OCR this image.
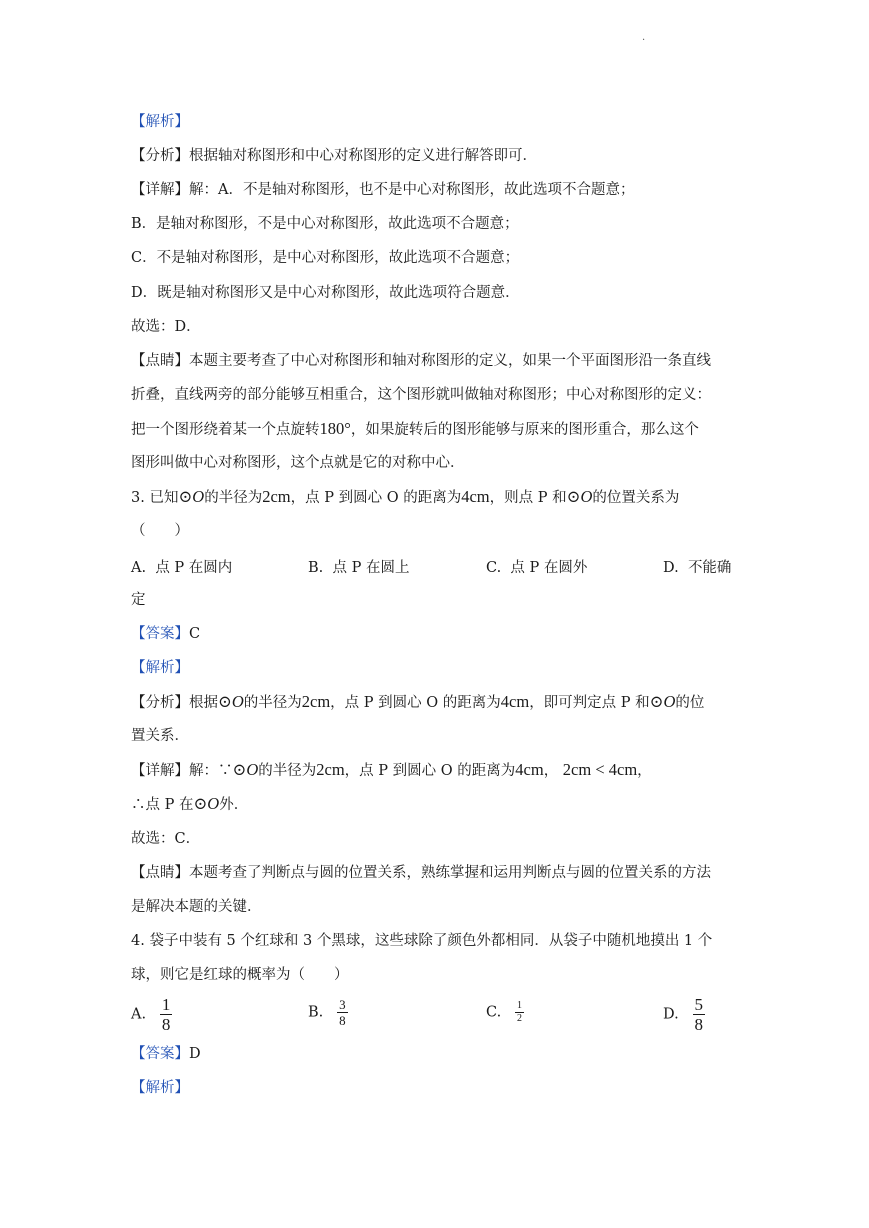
.
【解析】
【分析】根据轴对称图形和中心对称图形的定义进行解答即可．
【详解】解：A．不是轴对称图形，也不是中心对称图形，故此选项不合题意；
B．是轴对称图形，不是中心对称图形，故此选项不合题意；
C．不是轴对称图形，是中心对称图形，故此选项不合题意；
D．既是轴对称图形又是中心对称图形，故此选项符合题意．
故选：D．
【点睛】本题主要考查了中心对称图形和轴对称图形的定义，如果一个平面图形沿一条直线
折叠，直线两旁的部分能够互相重合，这个图形就叫做轴对称图形；中心对称图形的定义：
把一个图形绕着某一个点旋转180°，如果旋转后的图形能够与原来的图形重合，那么这个
图形叫做中心对称图形，这个点就是它的对称中心．
3. 已知⊙O的半径为2cm，点 P 到圆心 O 的距离为4cm，则点 P 和⊙O的位置关系为
（　　）
A. 点 P 在圆内	B. 点 P 在圆上	C. 点 P 在圆外	D. 不能确
定
【答案】C
【解析】
【分析】根据⊙O的半径为2cm，点 P 到圆心 O 的距离为4cm，即可判定点 P 和⊙O的位
置关系．
【详解】解：∵⊙O的半径为2cm，点 P 到圆心 O 的距离为4cm， 2cm < 4cm，
∴点 P 在⊙O外．
故选：C．
【点睛】本题考查了判断点与圆的位置关系，熟练掌握和运用判断点与圆的位置关系的方法
是解决本题的关键．
4. 袋子中装有 5 个红球和 3 个黑球，这些球除了颜色外都相同．从袋子中随机地摸出 1 个
球，则它是红球的概率为（　　）
A. $\frac{1}{8}$	B. $\frac{3}{8}$	C. $\frac{1}{2}$	D. $\frac{5}{8}$
【答案】D
【解析】
